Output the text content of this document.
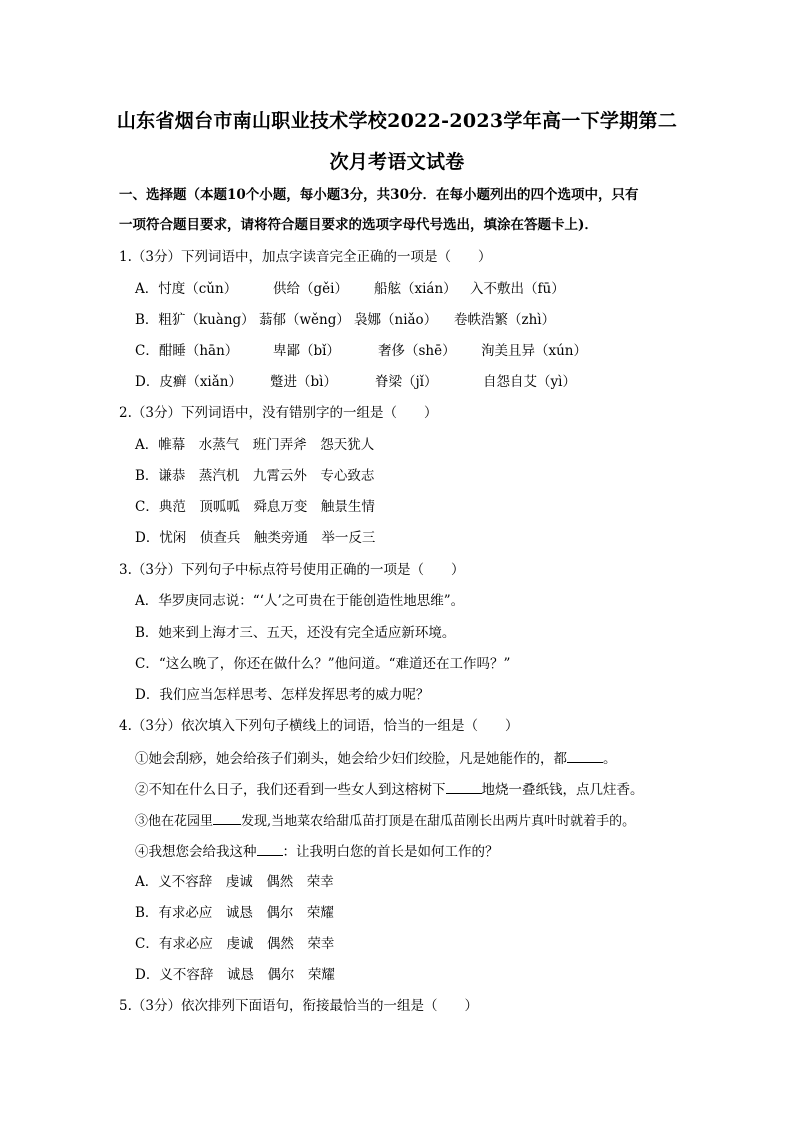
山东省烟台市南山职业技术学校2022-2023学年高一下学期第二
次月考语文试卷
一、选择题（本题10个小题，每小题3分，共30分．在每小题列出的四个选项中，只有
一项符合题目要求，请将符合题目要求的选项字母代号选出，填涂在答题卡上)．
1.（3分）下列词语中，加点字读音完全正确的一项是（　　）
A．忖度（cǔn）	供给（gěi） 船舷（xián） 入不敷出（fū）
B．粗犷（kuàng） 蓊郁（wěng） 袅娜（niǎo） 卷帙浩繁（zhì）
C．酣睡（hān）	卑鄙（bǐ）	奢侈（shē） 洵美且异（xún）
D．皮癣（xiǎn） 蹩进（bì）	脊梁（jǐ）	自怨自艾（yì）
2.（3分）下列词语中，没有错别字的一组是（　　）
A．帷幕　水蒸气　班门弄斧　怨天犹人
B．谦恭　蒸汽机　九霄云外　专心致志
C．典范　顶呱呱　舜息万变　触景生情
D．忧闲　侦查兵　触类旁通　举一反三
3.（3分）下列句子中标点符号使用正确的一项是（　　）
A．华罗庚同志说：“‘人’之可贵在于能创造性地思维”。
B．她来到上海才三、五天，还没有完全适应新环境。
C．“这么晚了，你还在做什么？”他问道。“难道还在工作吗？”
D．我们应当怎样思考、怎样发挥思考的威力呢？
4.（3分）依次填入下列句子横线上的词语，恰当的一组是（　　）
①她会刮痧，她会给孩子们剃头，她会给少妇们绞脸，凡是她能作的，都	。
②不知在什么日子，我们还看到一些女人到这榕树下	地烧一叠纸钱，点几炷香。
③他在花园里 发现,当地菜农给甜瓜苗打顶是在甜瓜苗刚长出两片真叶时就着手的。
④我想您会给我这种 ：让我明白您的首长是如何工作的？
A．义不容辞　虔诚　偶然　荣幸
B．有求必应　诚恳　偶尔　荣耀
C．有求必应　虔诚　偶然　荣幸
D．义不容辞　诚恳　偶尔　荣耀
5.（3分）依次排列下面语句，衔接最恰当的一组是（　　）
